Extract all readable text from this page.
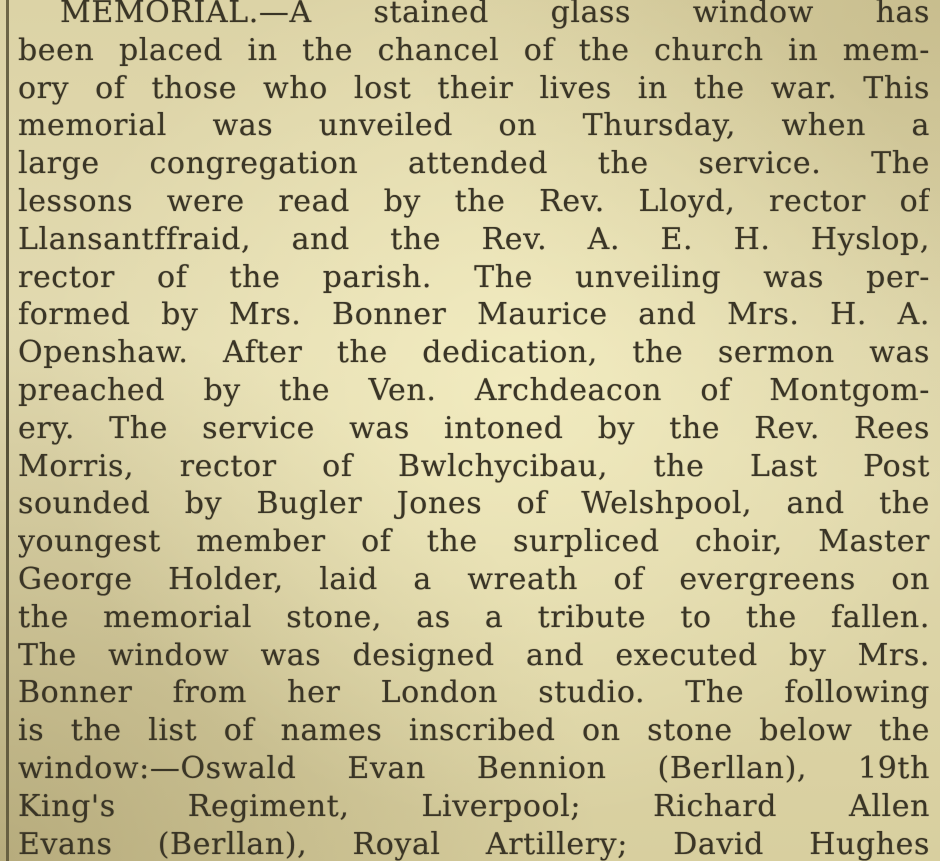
MEMORIAL.—A stained glass window has
been placed in the chancel of the church in mem-
ory of those who lost their lives in the war. This
memorial was unveiled on Thursday, when a
large congregation attended the service. The
lessons were read by the Rev. Lloyd, rector of
Llansantffraid, and the Rev. A. E. H. Hyslop,
rector of the parish. The unveiling was per-
formed by Mrs. Bonner Maurice and Mrs. H. A.
Openshaw. After the dedication, the sermon was
preached by the Ven. Archdeacon of Montgom-
ery. The service was intoned by the Rev. Rees
Morris, rector of Bwlchycibau, the Last Post
sounded by Bugler Jones of Welshpool, and the
youngest member of the surpliced choir, Master
George Holder, laid a wreath of evergreens on
the memorial stone, as a tribute to the fallen.
The window was designed and executed by Mrs.
Bonner from her London studio. The following
is the list of names inscribed on stone below the
window:—Oswald Evan Bennion (Berllan), 19th
King's Regiment, Liverpool; Richard Allen
Evans (Berllan), Royal Artillery; David Hughes
